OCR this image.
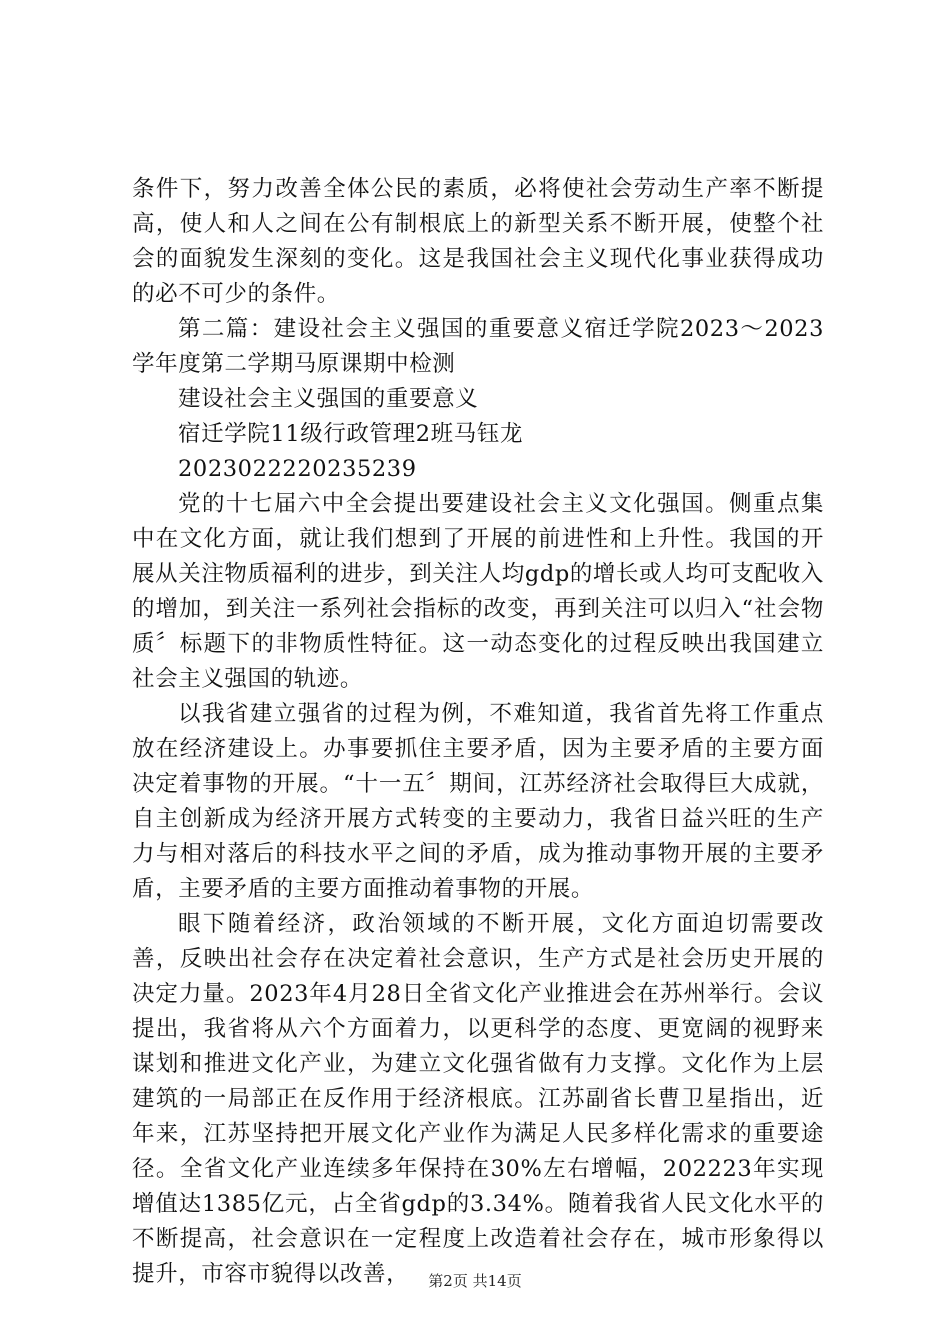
条件下，努力改善全体公民的素质，必将使社会劳动生产率不断提高，使人和人之间在公有制根底上的新型关系不断开展，使整个社会的面貌发生深刻的变化。这是我国社会主义现代化事业获得成功的必不可少的条件。

第二篇：建设社会主义强国的重要意义宿迁学院2023～2023学年度第二学期马原课期中检测

建设社会主义强国的重要意义

宿迁学院11级行政管理2班马钰龙

2023022220235239

党的十七届六中全会提出要建设社会主义文化强国。侧重点集中在文化方面，就让我们想到了开展的前进性和上升性。我国的开展从关注物质福利的进步，到关注人均gdp的增长或人均可支配收入的增加，到关注一系列社会指标的改变，再到关注可以归入“社会物质〞标题下的非物质性特征。这一动态变化的过程反映出我国建立社会主义强国的轨迹。

以我省建立强省的过程为例，不难知道，我省首先将工作重点放在经济建设上。办事要抓住主要矛盾，因为主要矛盾的主要方面决定着事物的开展。“十一五〞期间，江苏经济社会取得巨大成就，自主创新成为经济开展方式转变的主要动力，我省日益兴旺的生产力与相对落后的科技水平之间的矛盾，成为推动事物开展的主要矛盾，主要矛盾的主要方面推动着事物的开展。

眼下随着经济，政治领域的不断开展，文化方面迫切需要改善，反映出社会存在决定着社会意识，生产方式是社会历史开展的决定力量。2023年4月28日全省文化产业推进会在苏州举行。会议提出，我省将从六个方面着力，以更科学的态度、更宽阔的视野来谋划和推进文化产业，为建立文化强省做有力支撑。文化作为上层建筑的一局部正在反作用于经济根底。江苏副省长曹卫星指出，近年来，江苏坚持把开展文化产业作为满足人民多样化需求的重要途径。全省文化产业连续多年保持在30%左右增幅，202223年实现增值达1385亿元，占全省gdp的3.34%。随着我省人民文化水平的不断提高，社会意识在一定程度上改造着社会存在，城市形象得以提升，市容市貌得以改善，	第2页 共14页
